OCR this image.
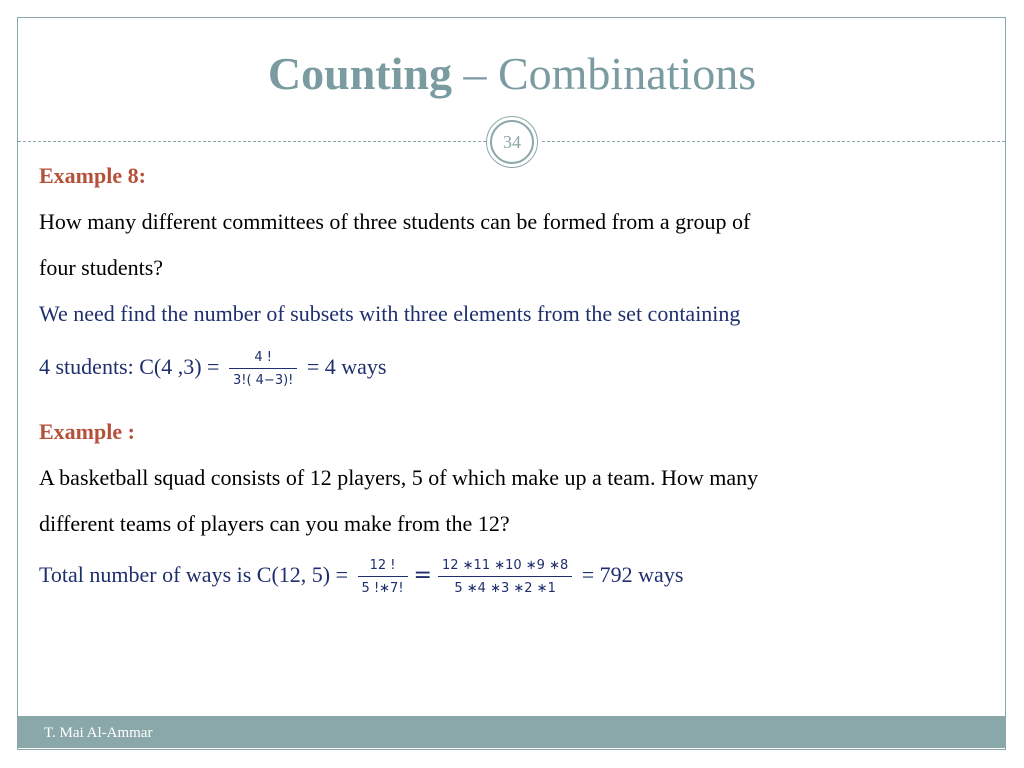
Counting – Combinations
34
Example 8:
How many different committees of three students can be formed from a group of
four students?
We need find the number of subsets with three elements from the set containing
4 students: C(4 $,3) = \frac{4 !}{3!( 4-3)!} = 4$ ways
Example :
A basketball squad consists of 12 players, 5 of which make up a team. How many
different teams of players can you make from the 12?
Total number of ways is C(12, $5) = \frac{12 !}{5 !∗7!} = \frac{12 ∗11 ∗10 ∗9 ∗8}{5 ∗4 ∗3 ∗2 ∗1} = 792$ ways
T. Mai Al-Ammar
